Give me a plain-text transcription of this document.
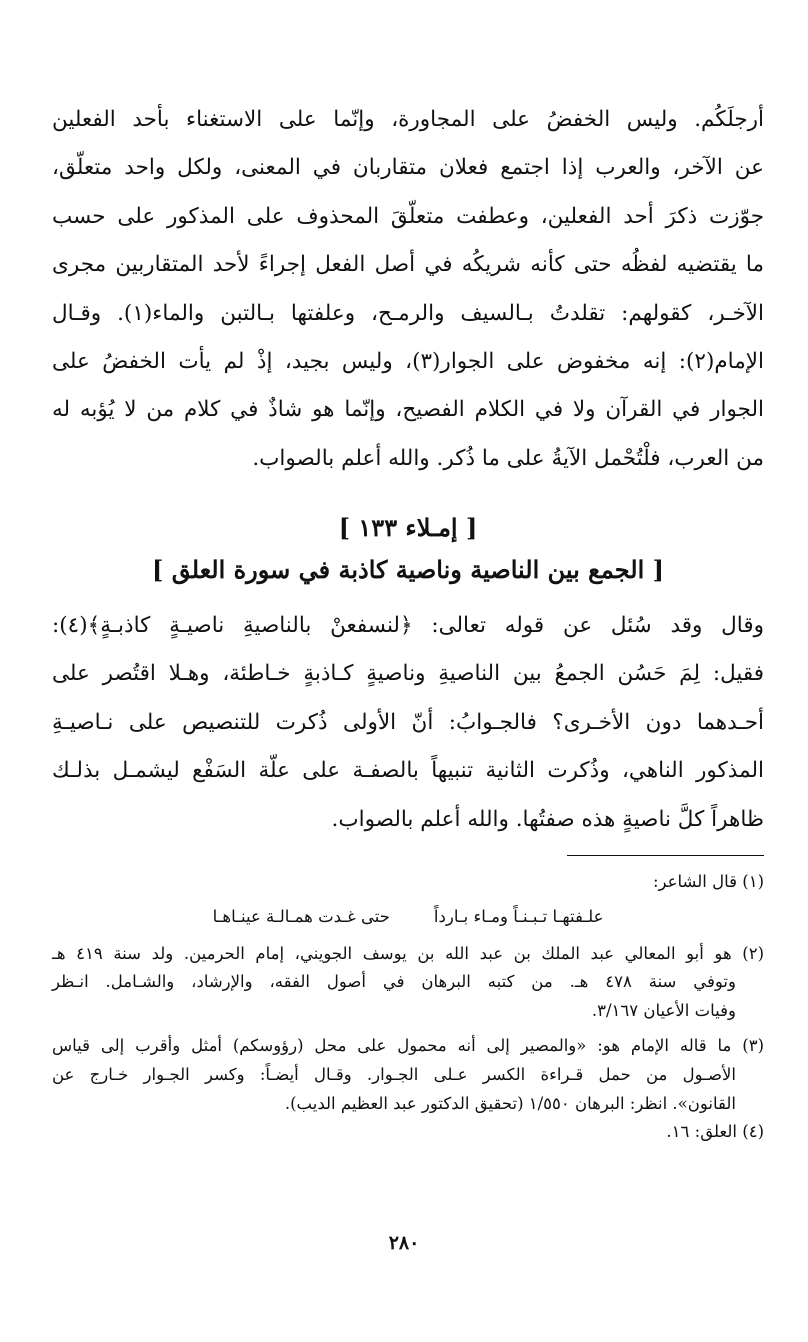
أرجلَكُم. وليس الخفضُ على المجاورة، وإنّما على الاستغناء بأحد الفعلين
عن الآخر، والعرب إذا اجتمع فعلان متقاربان في المعنى، ولكل واحد متعلّق،
جوّزت ذكرَ أحد الفعلين، وعطفت متعلّقَ المحذوف على المذكور على حسب
ما يقتضيه لفظُه حتى كأنه شريكُه في أصل الفعل إجراءً لأحد المتقاربين مجرى
الآخـر، كقولهم: تقلدتُ بـالسيف والرمـح، وعلفتها بـالتبن والماء(١). وقـال
الإمام(٢): إنه مخفوض على الجوار(٣)، وليس بجيد، إذْ لم يأت الخفضُ على
الجوار في القرآن ولا في الكلام الفصيح، وإنّما هو شاذٌ في كلام من لا يُؤبه له
من العرب، فلْتُحْمل الآيةُ على ما ذُكر. والله أعلم بالصواب.
[ إمـلاء ١٣٣ ]
[ الجمع بين الناصية وناصية كاذبة في سورة العلق ]
وقال وقد سُئل عن قوله تعالى: ﴿لنسفعنْ بالناصيةِ ناصيـةٍ كاذبـةٍ﴾(٤):
فقيل: لِمَ حَسُن الجمعُ بين الناصيةِ وناصيةٍ كـاذبةٍ خـاطئة، وهـلا اقتُصر على
أحـدهما دون الأخـرى؟ فالجـوابُ: أنّ الأولى ذُكرت للتنصيص على نـاصيـةِ
المذكور الناهي، وذُكرت الثانية تنبيهاً بالصفـة على علّة السَفْع ليشمـل بذلـك
ظاهراً كلَّ ناصيةٍ هذه صفتُها. والله أعلم بالصواب.
(١) قال الشاعر:
علـفتهـا تـبـنـاً ومـاء بـارداً
حتى غـدت همـالـة عينـاهـا
(٢) هو أبو المعالي عبد الملك بن عبد الله بن يوسف الجويني، إمام الحرمين. ولد سنة ٤١٩ هـ
وتوفي سنة ٤٧٨ هـ. من كتبه البرهان في أصول الفقه، والإرشاد، والشـامل. انـظر
وفيات الأعيان ٣/١٦٧.
(٣) ما قاله الإمام هو: «والمصير إلى أنه محمول على محل (رؤوسكم) أمثل وأقرب إلى قياس
الأصـول من حمل قـراءة الكسر عـلى الجـوار. وقـال أيضـاً: وكسر الجـوار خـارج عن
القانون». انظر: البرهان ١/٥٥٠ (تحقيق الدكتور عبد العظيم الديب).
(٤) العلق: ١٦.
٢٨٠
